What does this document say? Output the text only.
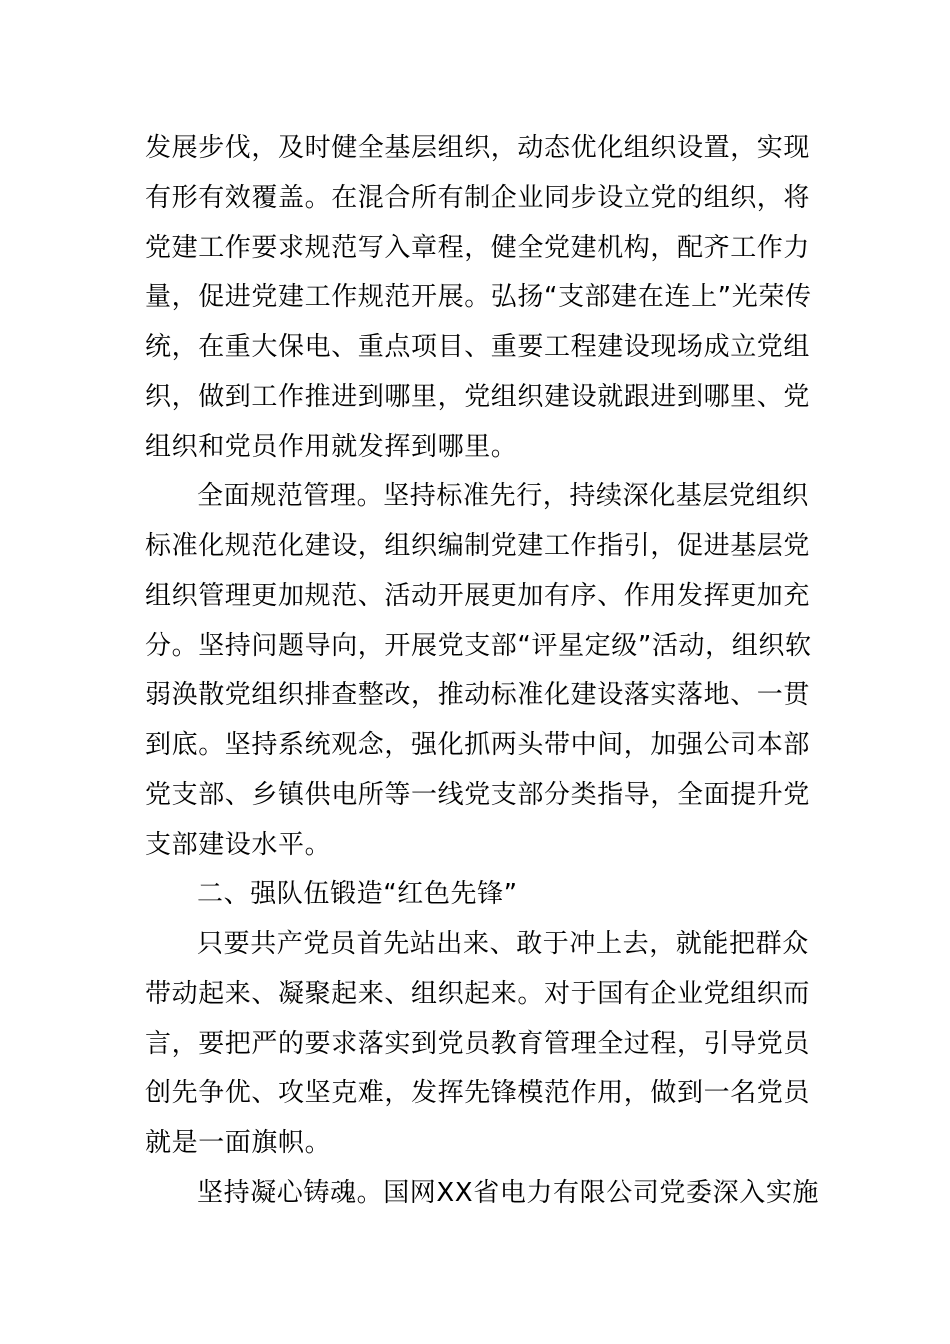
发展步伐，及时健全基层组织，动态优化组织设置，实现
有形有效覆盖。在混合所有制企业同步设立党的组织，将
党建工作要求规范写入章程，健全党建机构，配齐工作力
量，促进党建工作规范开展。弘扬“支部建在连上”光荣传
统，在重大保电、重点项目、重要工程建设现场成立党组
织，做到工作推进到哪里，党组织建设就跟进到哪里、党
组织和党员作用就发挥到哪里。
全面规范管理。坚持标准先行，持续深化基层党组织
标准化规范化建设，组织编制党建工作指引，促进基层党
组织管理更加规范、活动开展更加有序、作用发挥更加充
分。坚持问题导向，开展党支部“评星定级”活动，组织软
弱涣散党组织排查整改，推动标准化建设落实落地、一贯
到底。坚持系统观念，强化抓两头带中间，加强公司本部
党支部、乡镇供电所等一线党支部分类指导，全面提升党
支部建设水平。
二、强队伍锻造“红色先锋”
只要共产党员首先站出来、敢于冲上去，就能把群众
带动起来、凝聚起来、组织起来。对于国有企业党组织而
言，要把严的要求落实到党员教育管理全过程，引导党员
创先争优、攻坚克难，发挥先锋模范作用，做到一名党员
就是一面旗帜。
坚持凝心铸魂。国网XX省电力有限公司党委深入实施
